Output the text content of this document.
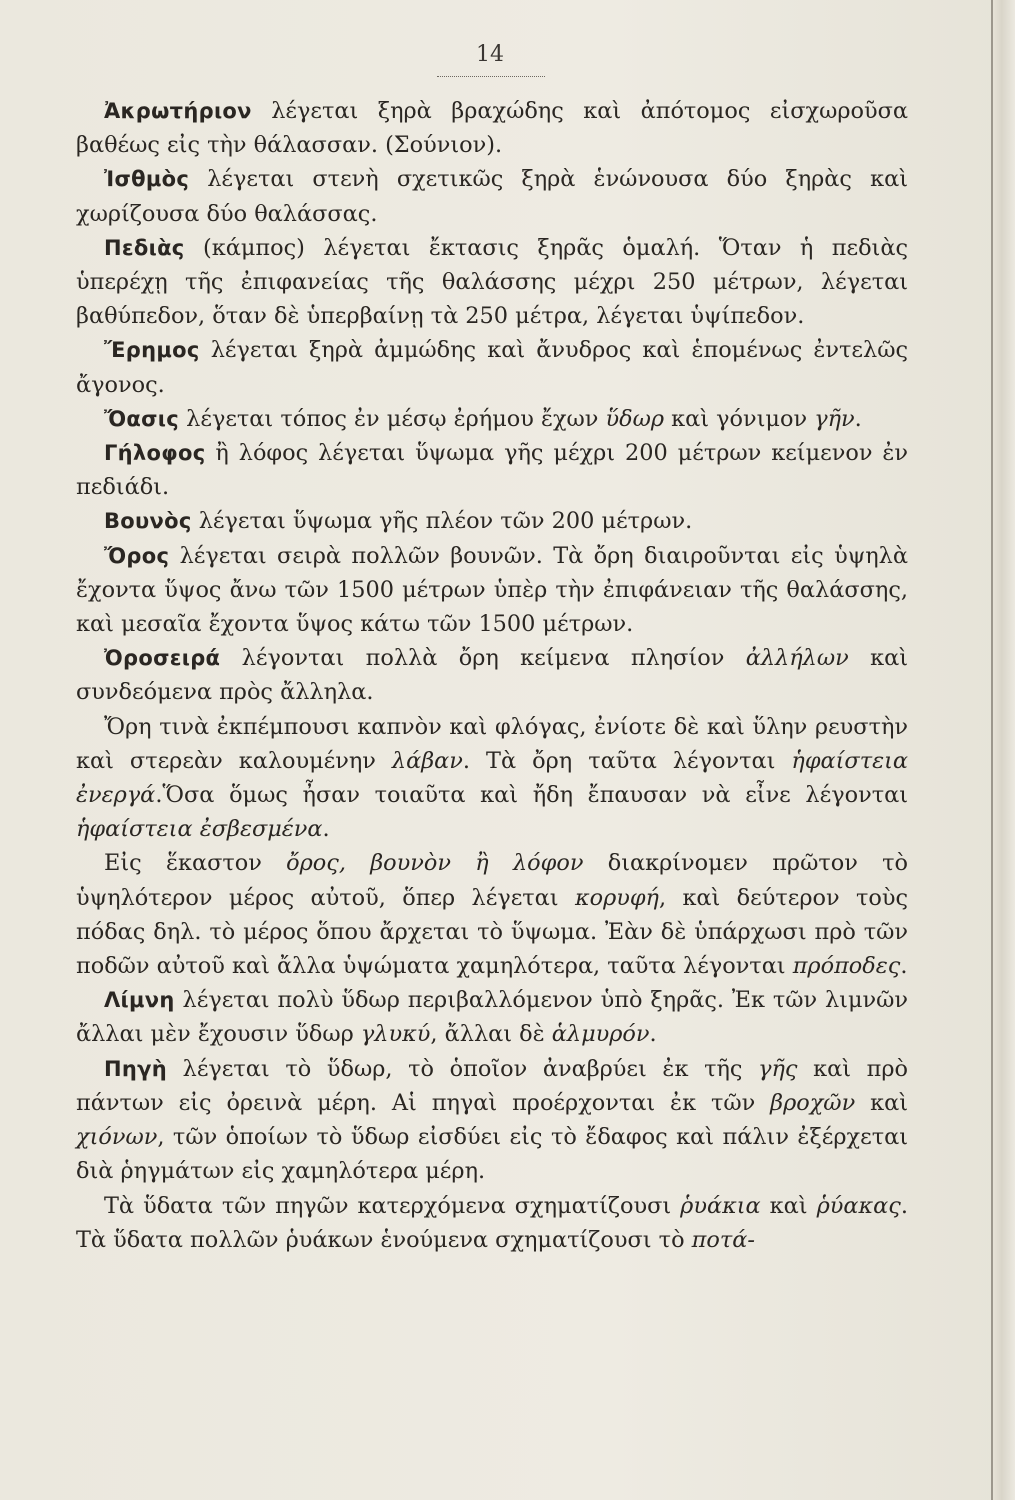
14

Ἀκρωτήριον λέγεται ξηρὰ βραχώδης καὶ ἀπότομος εἰσχωροῦσα βαθέως εἰς τὴν θάλασσαν. (Σούνιον).

Ἰσθμὸς λέγεται στενὴ σχετικῶς ξηρὰ ἑνώνουσα δύο ξηρὰς καὶ χωρίζουσα δύο θαλάσσας.

Πεδιὰς (κάμπος) λέγεται ἔκτασις ξηρᾶς ὁμαλή. Ὅταν ἡ πεδιὰς ὑπερέχῃ τῆς ἐπιφανείας τῆς θαλάσσης μέχρι 250 μέτρων, λέγεται βαθύπεδον, ὅταν δὲ ὑπερβαίνῃ τὰ 250 μέτρα, λέγεται ὑψίπεδον.

Ἔρημος λέγεται ξηρὰ ἀμμώδης καὶ ἄνυδρος καὶ ἑπομένως ἐντελῶς ἄγονος.

Ὄασις λέγεται τόπος ἐν μέσῳ ἐρήμου ἔχων ὕδωρ καὶ γόνιμον γῆν.

Γήλοφος ἢ λόφος λέγεται ὕψωμα γῆς μέχρι 200 μέτρων κείμενον ἐν πεδιάδι.

Βουνὸς λέγεται ὕψωμα γῆς πλέον τῶν 200 μέτρων.

Ὄρος λέγεται σειρὰ πολλῶν βουνῶν. Τὰ ὄρη διαιροῦνται εἰς ὑψηλὰ ἔχοντα ὕψος ἄνω τῶν 1500 μέτρων ὑπὲρ τὴν ἐπιφάνειαν τῆς θαλάσσης, καὶ μεσαῖα ἔχοντα ὕψος κάτω τῶν 1500 μέτρων.

Ὀροσειρά λέγονται πολλὰ ὄρη κείμενα πλησίον ἀλλήλων καὶ συνδεόμενα πρὸς ἄλληλα.

Ὄρη τινὰ ἐκπέμπουσι καπνὸν καὶ φλόγας, ἐνίοτε δὲ καὶ ὕλην ρευστὴν καὶ στερεὰν καλουμένην λάβαν. Τὰ ὄρη ταῦτα λέγονται ἡφαίστεια ἐνεργά.Ὅσα ὅμως ἦσαν τοιαῦτα καὶ ἤδη ἔπαυσαν νὰ εἶνε λέγονται ἡφαίστεια ἐσβεσμένα.

Εἰς ἕκαστον ὄρος, βουνὸν ἢ λόφον διακρίνομεν πρῶτον τὸ ὑψηλότερον μέρος αὐτοῦ, ὅπερ λέγεται κορυφή, καὶ δεύτερον τοὺς πόδας δηλ. τὸ μέρος ὅπου ἄρχεται τὸ ὕψωμα. Ἐὰν δὲ ὑπάρχωσι πρὸ τῶν ποδῶν αὐτοῦ καὶ ἄλλα ὑψώματα χαμηλότερα, ταῦτα λέγονται πρόποδες.

Λίμνη λέγεται πολὺ ὕδωρ περιβαλλόμενον ὑπὸ ξηρᾶς. Ἐκ τῶν λιμνῶν ἄλλαι μὲν ἔχουσιν ὕδωρ γλυκύ, ἄλλαι δὲ ἁλμυρόν.

Πηγὴ λέγεται τὸ ὕδωρ, τὸ ὁποῖον ἀναβρύει ἐκ τῆς γῆς καὶ πρὸ πάντων εἰς ὀρεινὰ μέρη. Αἱ πηγαὶ προέρχονται ἐκ τῶν βροχῶν καὶ χιόνων, τῶν ὁποίων τὸ ὕδωρ εἰσδύει εἰς τὸ ἔδαφος καὶ πάλιν ἐξέρχεται διὰ ῥηγμάτων εἰς χαμηλότερα μέρη.

Τὰ ὕδατα τῶν πηγῶν κατερχόμενα σχηματίζουσι ῥυάκια καὶ ῥύακας. Τὰ ὕδατα πολλῶν ῥυάκων ἑνούμενα σχηματίζουσι τὸ ποτά-
